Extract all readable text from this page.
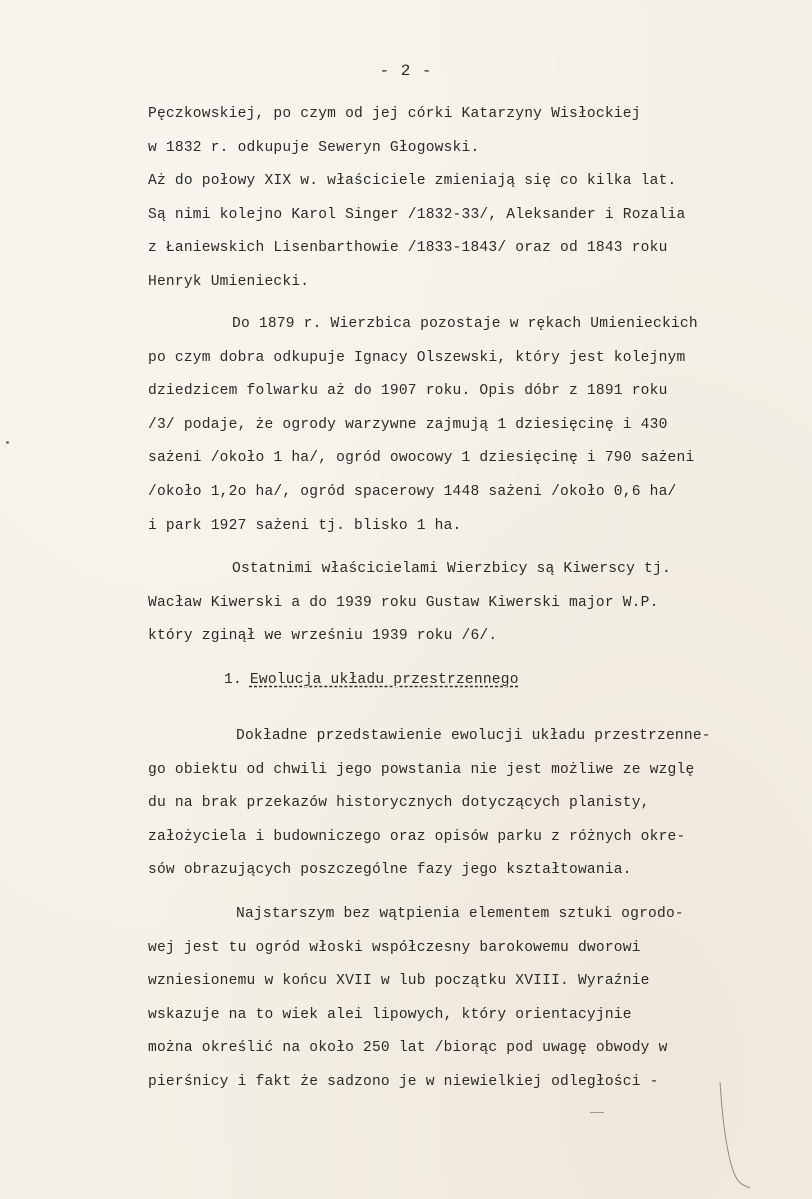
- 2 -
Pęczkowskiej, po czym od jej córki Katarzyny Wisłockiej
w 1832 r. odkupuje Seweryn Głogowski.
Aż do połowy XIX w. właściciele zmieniają się co kilka lat.
Są nimi kolejno Karol Singer /1832-33/, Aleksander i Rozalia
z Łaniewskich Lisenbarthowie /1833-1843/ oraz od 1843 roku
Henryk Umieniecki.
Do 1879 r. Wierzbica pozostaje w rękach Umienieckich
po czym dobra odkupuje Ignacy Olszewski, który jest kolejnym
dziedzicem folwarku aż do 1907 roku. Opis dóbr z 1891 roku
/3/ podaje, że ogrody warzywne zajmują 1 dziesięcinę i 430
sażeni /około 1 ha/, ogród owocowy 1 dziesięcinę i 790 sażeni
/około 1,2o ha/, ogród spacerowy 1448 sażeni /około 0,6 ha/
i park 1927 sażeni tj. blisko 1 ha.
Ostatnimi właścicielami Wierzbicy są Kiwerscy tj.
Wacław Kiwerski a do 1939 roku Gustaw Kiwerski major W.P.
który zginął we wrześniu 1939 roku /6/.
1. Ewolucja układu przestrzennego
Dokładne przedstawienie ewolucji układu przestrzenne-
go obiektu od chwili jego powstania nie jest możliwe ze wzglę
du na brak przekazów historycznych dotyczących planisty,
założyciela i budowniczego oraz opisów parku z różnych okre-
sów obrazujących poszczególne fazy jego kształtowania.
Najstarszym bez wątpienia elementem sztuki ogrodo-
wej jest tu ogród włoski współczesny barokowemu dworowi
wzniesionemu w końcu XVII w lub początku XVIII. Wyraźnie
wskazuje na to wiek alei lipowych, który orientacyjnie
można określić na około 250 lat /biorąc pod uwagę obwody w
pierśnicy i fakt że sadzono je w niewielkiej odległości -
